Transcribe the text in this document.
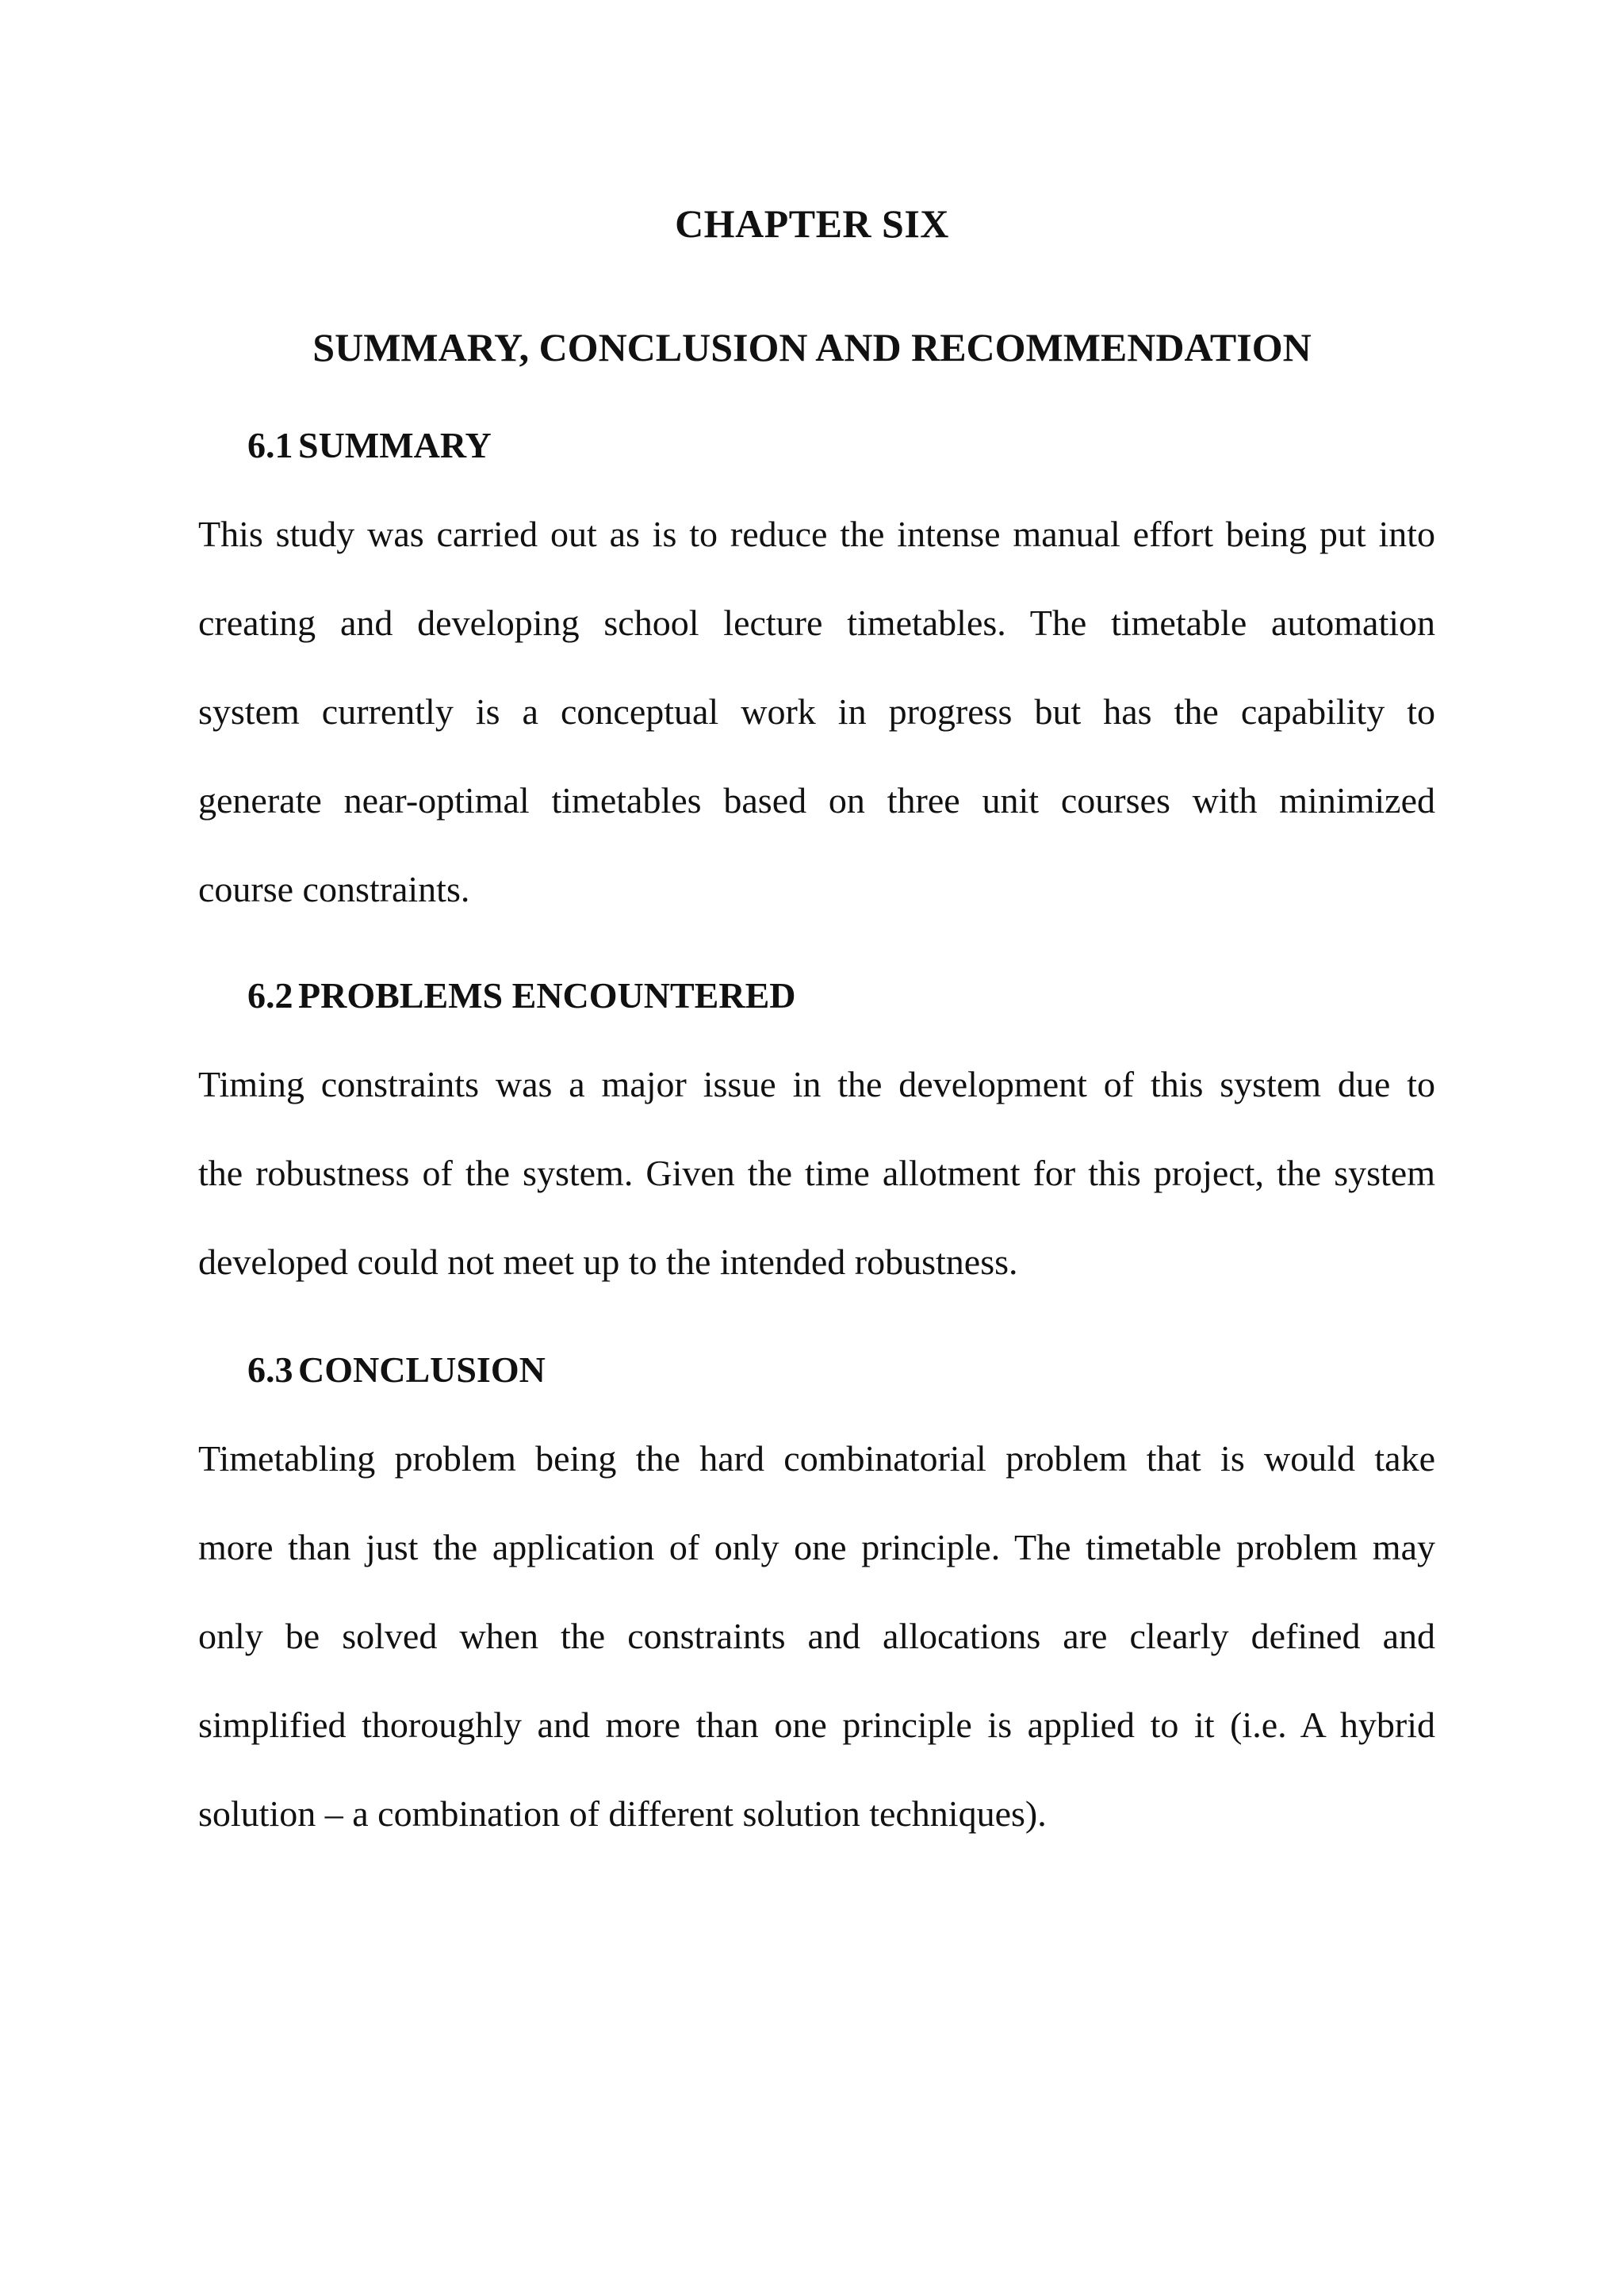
CHAPTER SIX
SUMMARY, CONCLUSION AND RECOMMENDATION
6.1 SUMMARY
This study was carried out as is to reduce the intense manual effort being put into
creating and developing school lecture timetables. The timetable automation
system currently is a conceptual work in progress but has the capability to
generate near-optimal timetables based on three unit courses with minimized
course constraints.
6.2 PROBLEMS ENCOUNTERED
Timing constraints was a major issue in the development of this system due to
the robustness of the system. Given the time allotment for this project, the system
developed could not meet up to the intended robustness.
6.3 CONCLUSION
Timetabling problem being the hard combinatorial problem that is would take
more than just the application of only one principle. The timetable problem may
only be solved when the constraints and allocations are clearly defined and
simplified thoroughly and more than one principle is applied to it (i.e. A hybrid
solution – a combination of different solution techniques).
